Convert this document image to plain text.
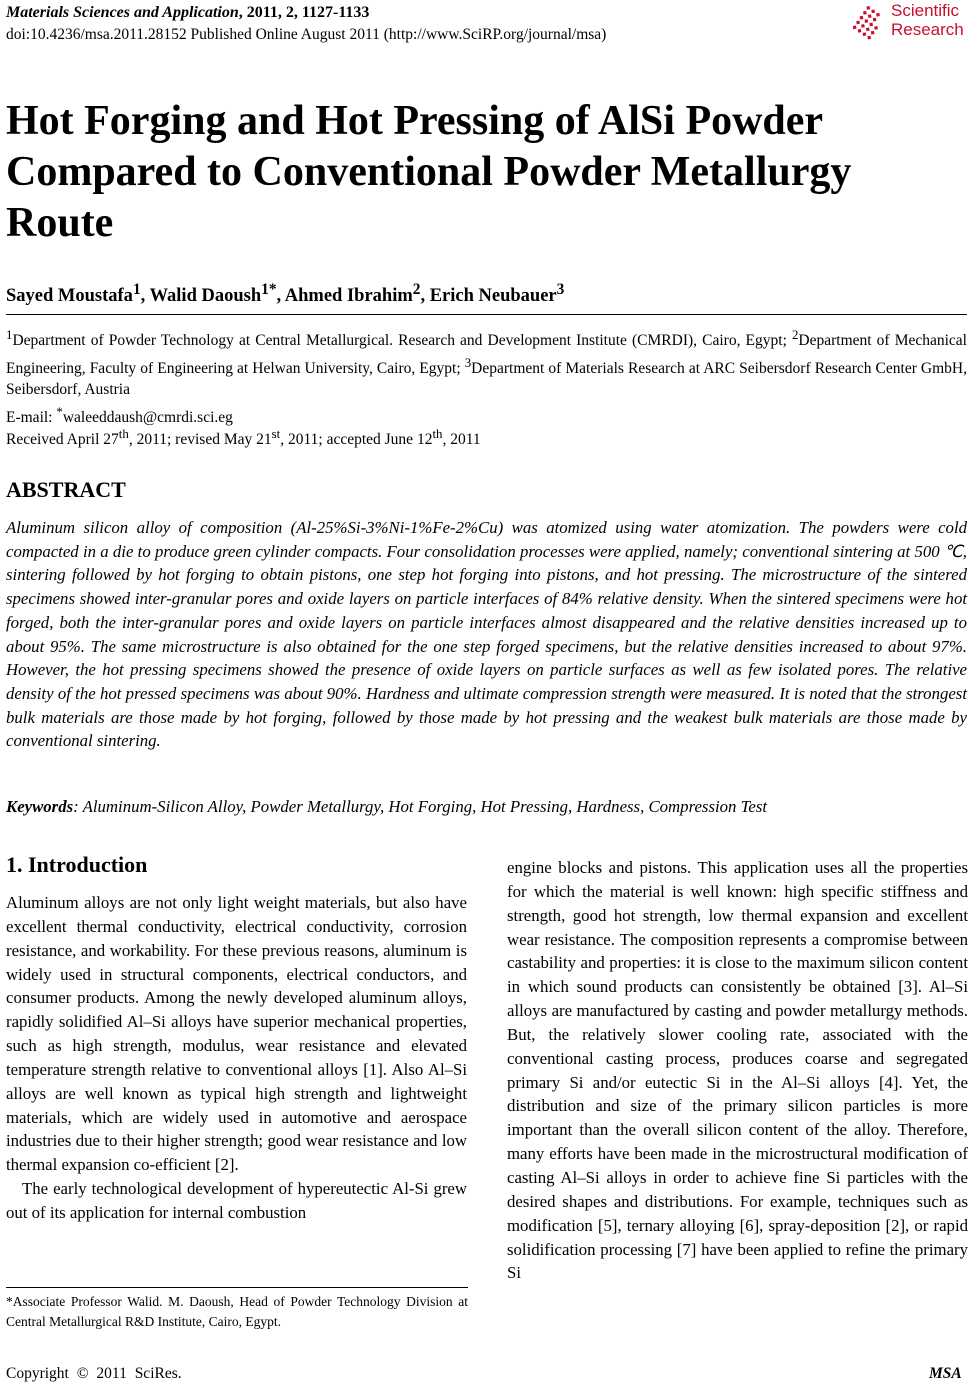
Materials Sciences and Application, 2011, 2, 1127-1133
doi:10.4236/msa.2011.28152 Published Online August 2011 (http://www.SciRP.org/journal/msa)
Scientific
Research
Hot Forging and Hot Pressing of AlSi Powder Compared to Conventional Powder Metallurgy Route
Sayed Moustafa$^1$, Walid Daoush$^{1*}$, Ahmed Ibrahim$^2$, Erich Neubauer$^3$
$^1$Department of Powder Technology at Central Metallurgical. Research and Development Institute (CMRDI), Cairo, Egypt; $^2$Department of Mechanical Engineering, Faculty of Engineering at Helwan University, Cairo, Egypt; $^3$Department of Materials Research at ARC Seibersdorf Research Center GmbH, Seibersdorf, Austria
E-mail: *waleeddaush@cmrdi.sci.eg
Received April 27th, 2011; revised May 21st, 2011; accepted June 12th, 2011
ABSTRACT

Aluminum silicon alloy of composition (Al-25%Si-3%Ni-1%Fe-2%Cu) was atomized using water atomization. The powders were cold compacted in a die to produce green cylinder compacts. Four consolidation processes were applied, namely; conventional sintering at 500 ℃, sintering followed by hot forging to obtain pistons, one step hot forging into pistons, and hot pressing. The microstructure of the sintered specimens showed inter-granular pores and oxide layers on particle interfaces of 84% relative density. When the sintered specimens were hot forged, both the inter-granular pores and oxide layers on particle interfaces almost disappeared and the relative densities increased up to about 95%. The same microstructure is also obtained for the one step forged specimens, but the relative densities increased to about 97%. However, the hot pressing specimens showed the presence of oxide layers on particle surfaces as well as few isolated pores. The relative density of the hot pressed specimens was about 90%. Hardness and ultimate compression strength were measured. It is noted that the strongest bulk materials are those made by hot forging, followed by those made by hot pressing and the weakest bulk materials are those made by conventional sintering.

Keywords: Aluminum-Silicon Alloy, Powder Metallurgy, Hot Forging, Hot Pressing, Hardness, Compression Test
1. Introduction

Aluminum alloys are not only light weight materials, but also have excellent thermal conductivity, electrical conductivity, corrosion resistance, and workability. For these previous reasons, aluminum is widely used in structural components, electrical conductors, and consumer products. Among the newly developed aluminum alloys, rapidly solidified Al–Si alloys have superior mechanical properties, such as high strength, modulus, wear resistance and elevated temperature strength relative to conventional alloys [1]. Also Al–Si alloys are well known as typical high strength and lightweight materials, which are widely used in automotive and aerospace industries due to their higher strength; good wear resistance and low thermal expansion co-efficient [2].

The early technological development of hypereutectic Al-Si grew out of its application for internal combustion

engine blocks and pistons. This application uses all the properties for which the material is well known: high specific stiffness and strength, good hot strength, low thermal expansion and excellent wear resistance. The composition represents a compromise between castability and properties: it is close to the maximum silicon content in which sound products can consistently be obtained [3]. Al–Si alloys are manufactured by casting and powder metallurgy methods. But, the relatively slower cooling rate, associated with the conventional casting process, produces coarse and segregated primary Si and/or eutectic Si in the Al–Si alloys [4]. Yet, the distribution and size of the primary silicon particles is more important than the overall silicon content of the alloy. Therefore, many efforts have been made in the microstructural modification of casting Al–Si alloys in order to achieve fine Si particles with the desired shapes and distributions. For example, techniques such as modification [5], ternary alloying [6], spray-deposition [2], or rapid solidification processing [7] have been applied to refine the primary Si

*Associate Professor Walid. M. Daoush, Head of Powder Technology Division at Central Metallurgical R&D Institute, Cairo, Egypt.
Copyright © 2011 SciRes.	MSA
